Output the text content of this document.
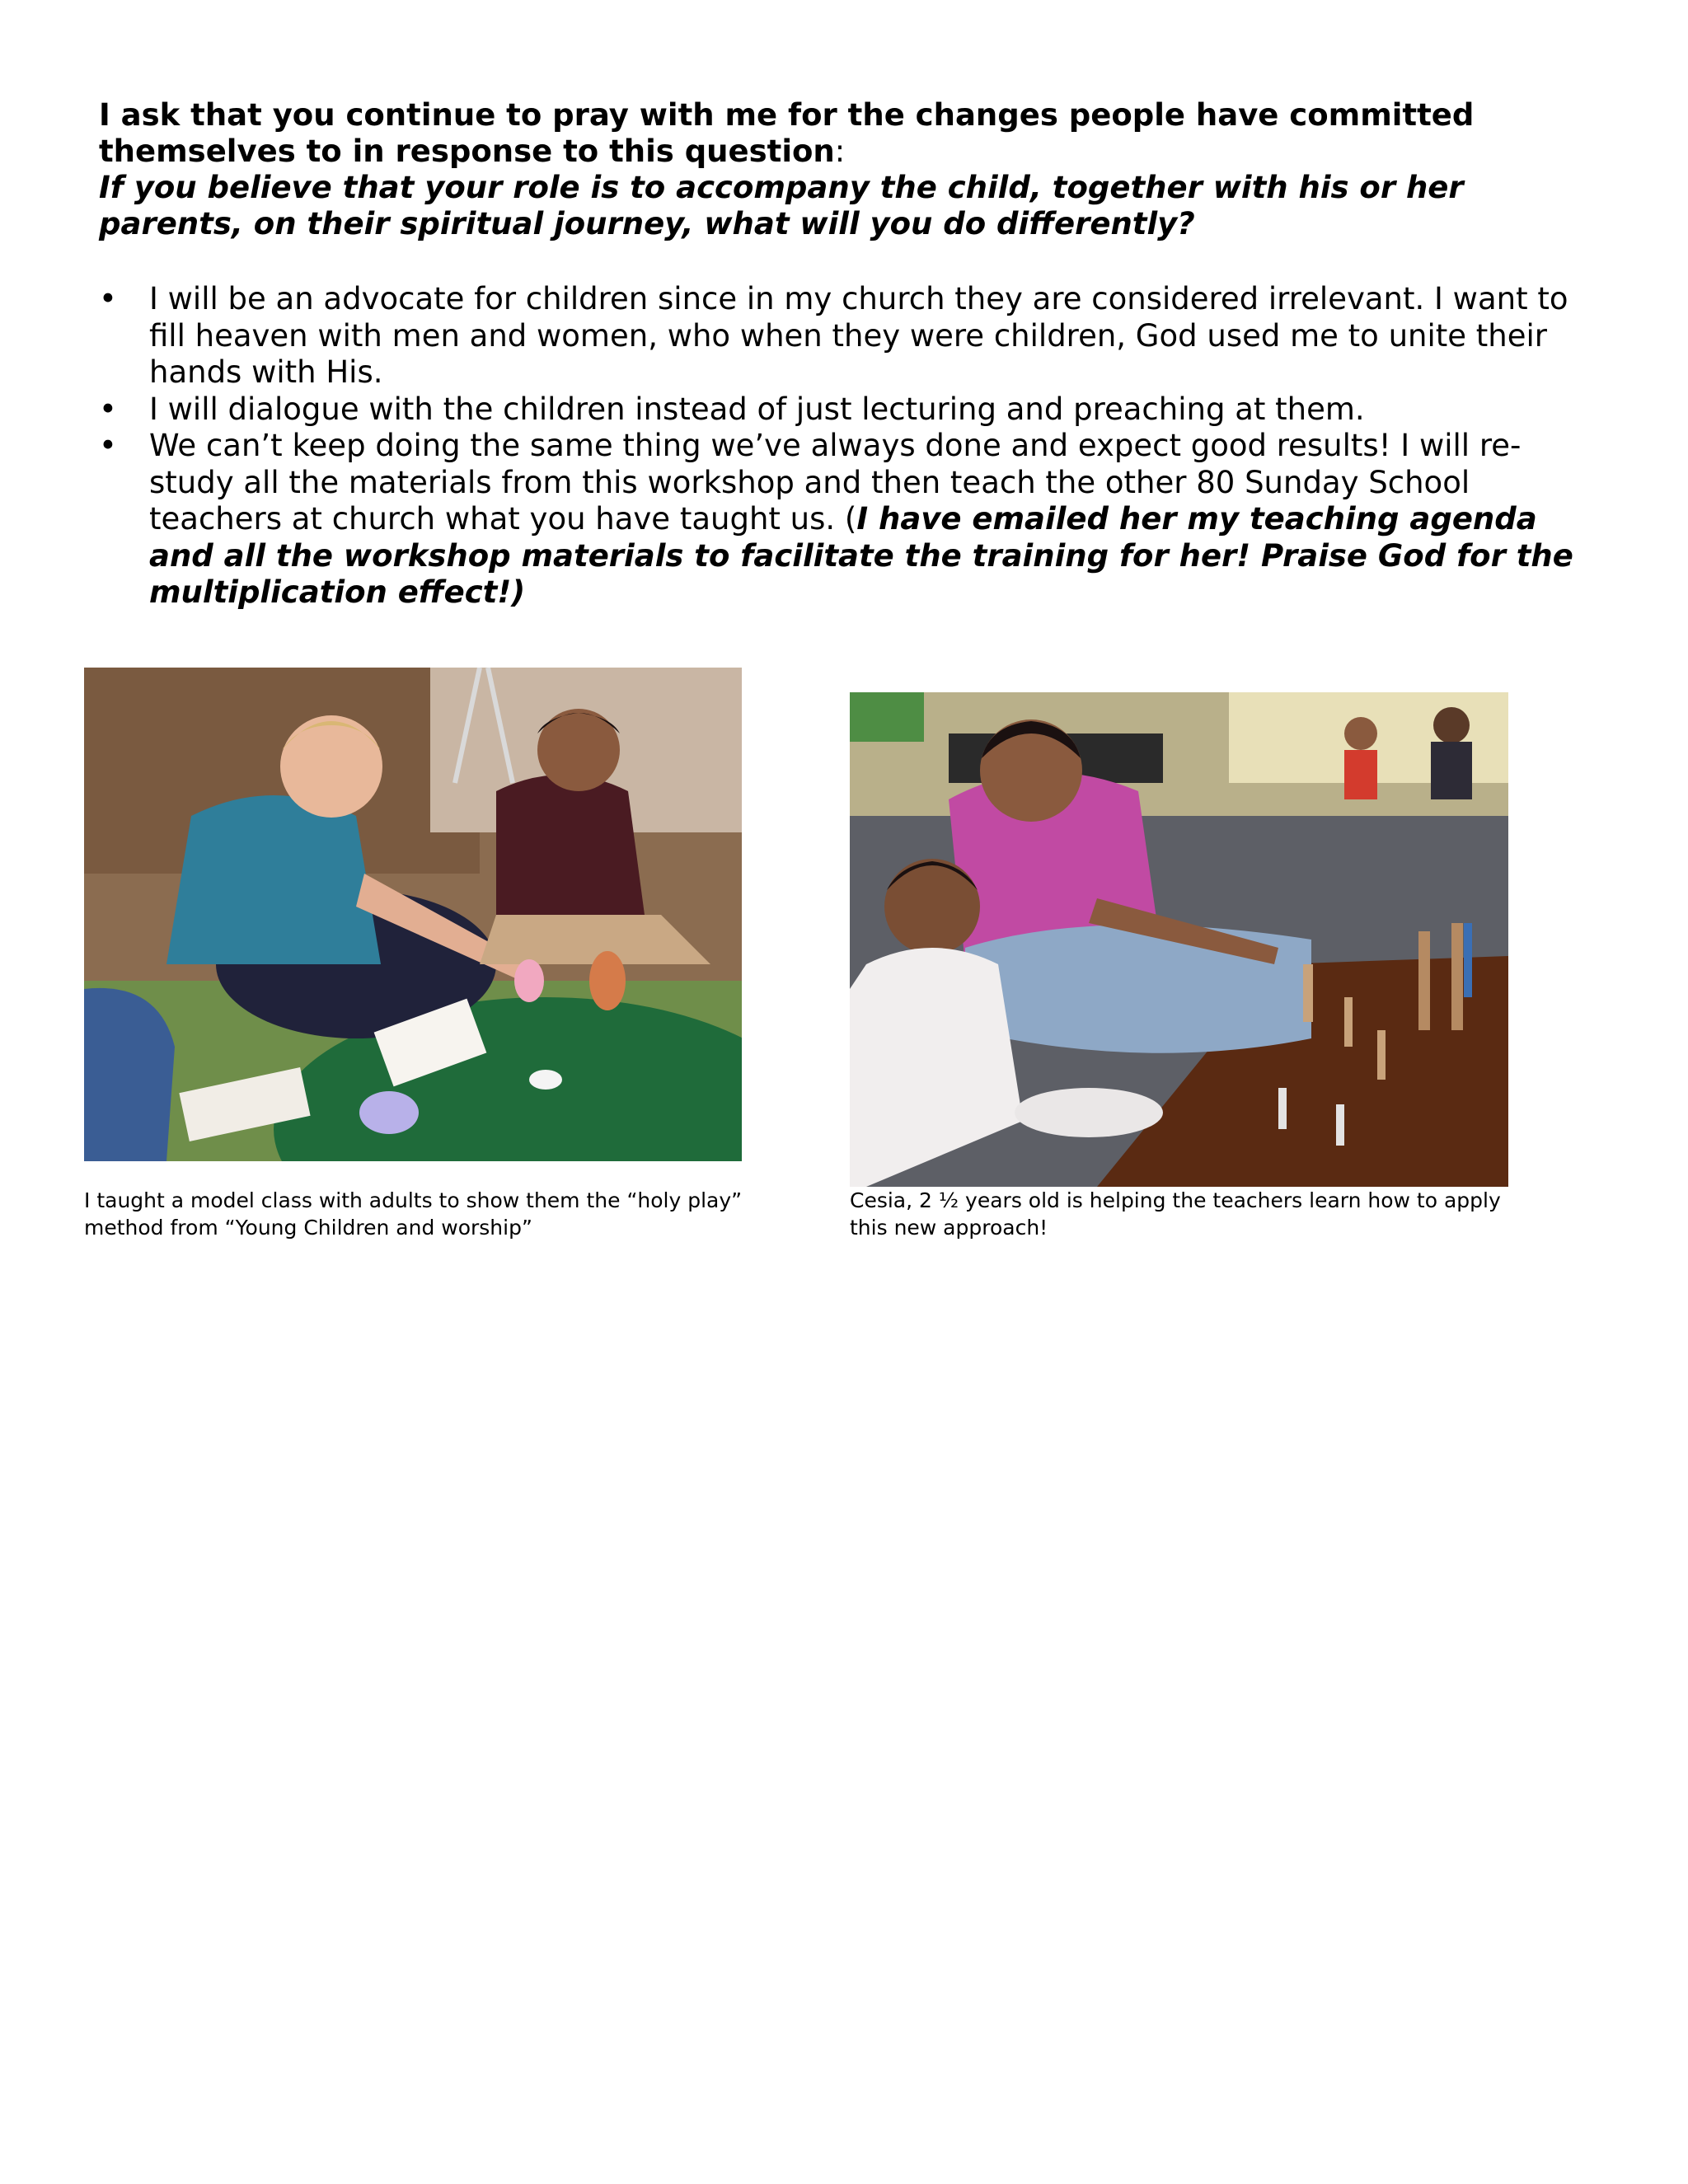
I ask that you continue to pray with me for the changes people have committed themselves to in response to this question:
If you believe that your role is to accompany the child, together with his or her parents, on their spiritual journey, what will you do differently?
• I will be an advocate for children since in my church they are considered irrelevant. I want to fill heaven with men and women, who when they were children, God used me to unite their hands with His.
• I will dialogue with the children instead of just lecturing and preaching at them.
• We can’t keep doing the same thing we’ve always done and expect good results! I will re-study all the materials from this workshop and then teach the other 80 Sunday School teachers at church what you have taught us. (I have emailed her my teaching agenda and all the workshop materials to facilitate the training for her! Praise God for the multiplication effect!)
I taught a model class with adults to show them the “holy play” method from “Young Children and worship”
Cesia, 2 ½ years old is helping the teachers learn how to apply this new approach!
